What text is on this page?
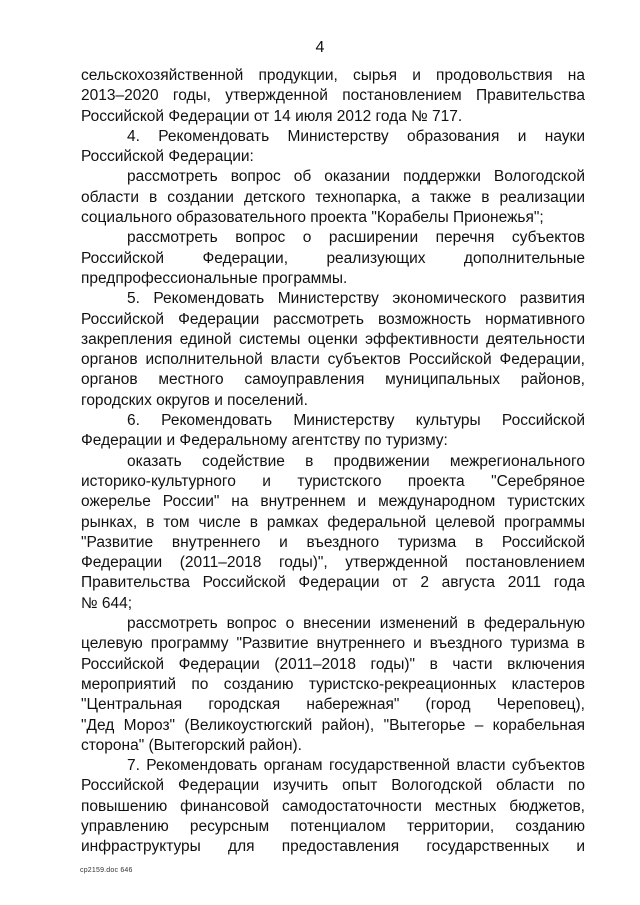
4
сельскохозяйственной продукции, сырья и продовольствия на
2013–2020 годы, утвержденной постановлением Правительства
Российской Федерации от 14 июля 2012 года № 717.
4. Рекомендовать Министерству образования и науки
Российской Федерации:
рассмотреть вопрос об оказании поддержки Вологодской
области в создании детского технопарка, а также в реализации
социального образовательного проекта "Корабелы Прионежья";
рассмотреть вопрос о расширении перечня субъектов
Российской Федерации, реализующих дополнительные
предпрофессиональные программы.
5. Рекомендовать Министерству экономического развития
Российской Федерации рассмотреть возможность нормативного
закрепления единой системы оценки эффективности деятельности
органов исполнительной власти субъектов Российской Федерации,
органов местного самоуправления муниципальных районов,
городских округов и поселений.
6. Рекомендовать Министерству культуры Российской
Федерации и Федеральному агентству по туризму:
оказать содействие в продвижении межрегионального
историко-культурного и туристского проекта "Серебряное
ожерелье России" на внутреннем и международном туристских
рынках, в том числе в рамках федеральной целевой программы
"Развитие внутреннего и въездного туризма в Российской
Федерации (2011–2018 годы)", утвержденной постановлением
Правительства Российской Федерации от 2 августа 2011 года
№ 644;
рассмотреть вопрос о внесении изменений в федеральную
целевую программу "Развитие внутреннего и въездного туризма в
Российской Федерации (2011–2018 годы)" в части включения
мероприятий по созданию туристско-рекреационных кластеров
"Центральная городская набережная" (город Череповец),
"Дед Мороз" (Великоустюгский район), "Вытегорье – корабельная
сторона" (Вытегорский район).
7. Рекомендовать органам государственной власти субъектов
Российской Федерации изучить опыт Вологодской области по
повышению финансовой самодостаточности местных бюджетов,
управлению ресурсным потенциалом территории, созданию
инфраструктуры для предоставления государственных и
ср2159.doc 646
